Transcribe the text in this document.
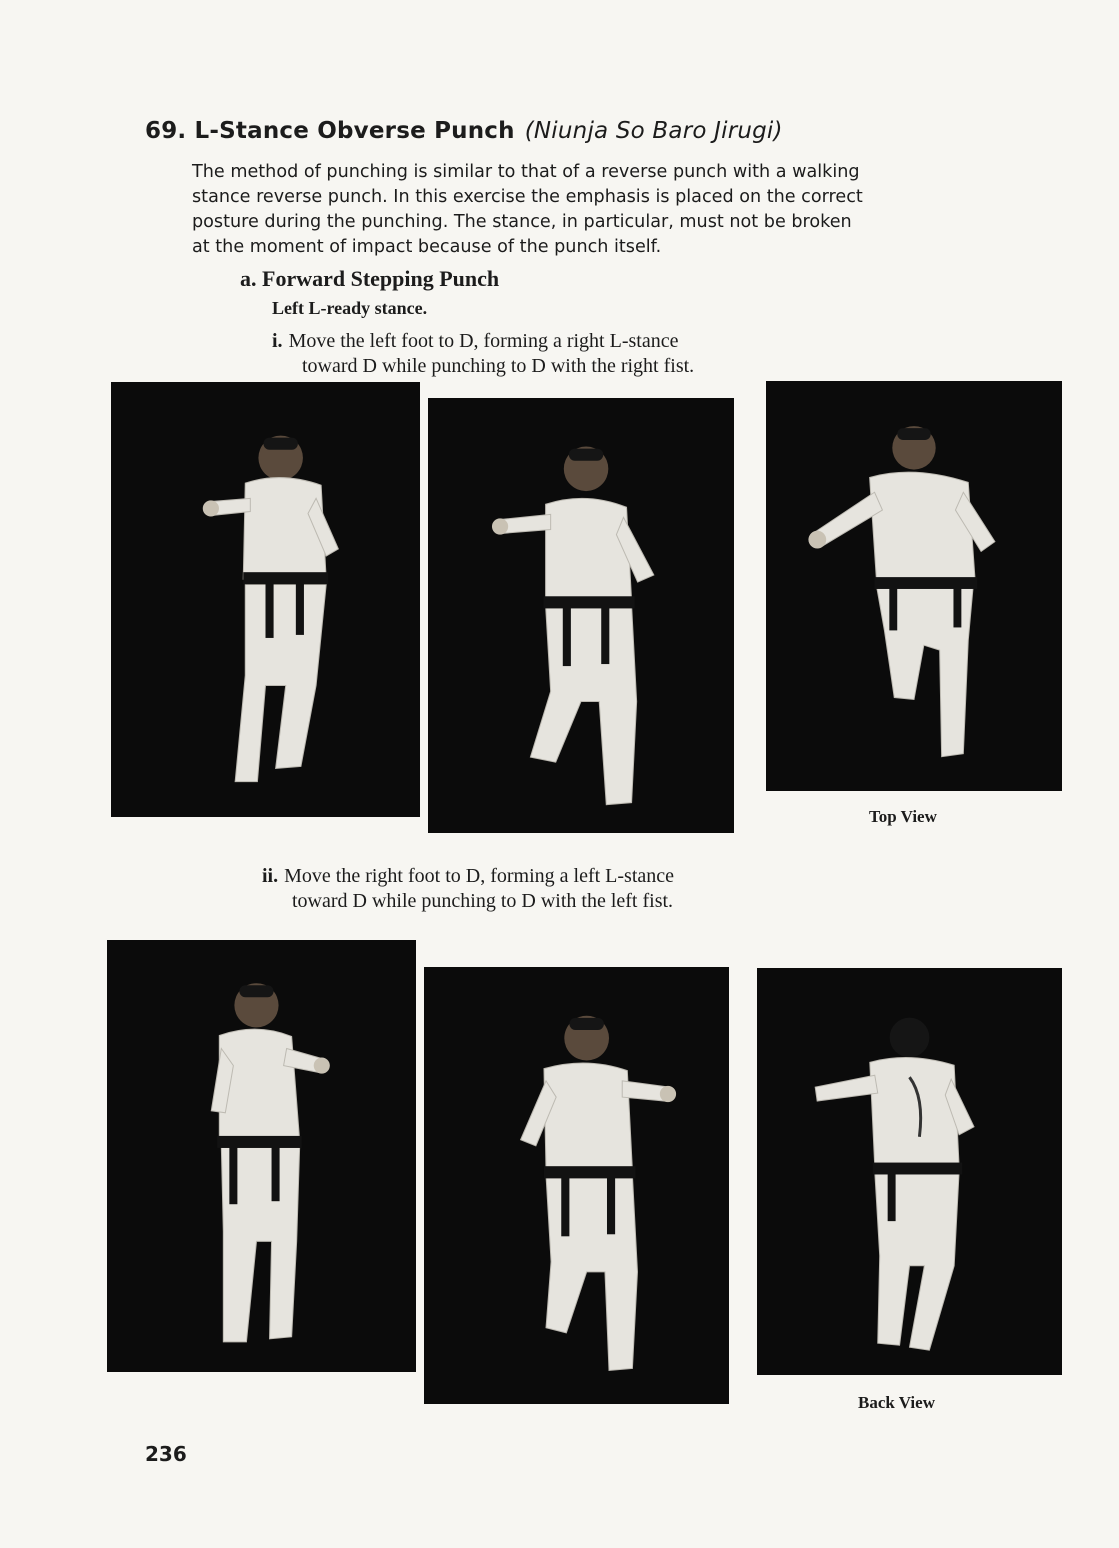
69. L-Stance Obverse Punch (Niunja So Baro Jirugi)

The method of punching is similar to that of a reverse punch with a walking
stance reverse punch. In this exercise the emphasis is placed on the correct
posture during the punching. The stance, in particular, must not be broken
at the moment of impact because of the punch itself.

a. Forward Stepping Punch
Left L-ready stance.
i. Move the left foot to D, forming a right L-stance
toward D while punching to D with the right fist.
Top View
ii. Move the right foot to D, forming a left L-stance
toward D while punching to D with the left fist.
Back View
236
